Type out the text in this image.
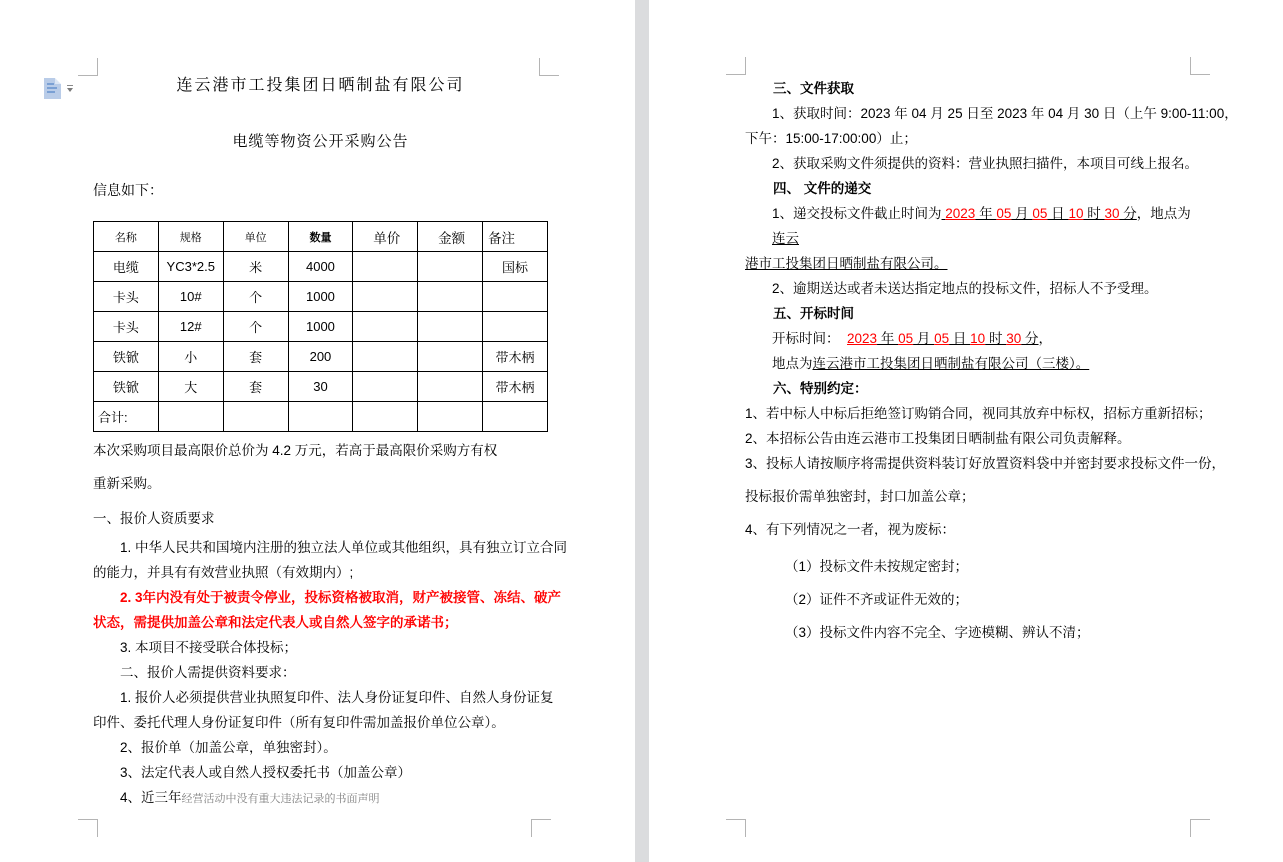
连云港市工投集团日晒制盐有限公司
电缆等物资公开采购公告
信息如下：
名称	规格	单位	数量	单价	金额	备注
电缆	YC3*2.5	米	4000			国标
卡头	10#	个	1000			
卡头	12#	个	1000			
铁锨	小	套	200			带木柄
铁锨	大	套	30			带木柄
合计:						
本次采购项目最高限价总价为 4.2 万元，若高于最高限价采购方有权
重新采购。
一、报价人资质要求
1. 中华人民共和国境内注册的独立法人单位或其他组织，具有独立订立合同
的能力，并具有有效营业执照（有效期内）;
2. 3年内没有处于被责令停业，投标资格被取消，财产被接管、冻结、破产
状态，需提供加盖公章和法定代表人或自然人签字的承诺书；
3. 本项目不接受联合体投标；
二、报价人需提供资料要求：
1. 报价人必须提供营业执照复印件、法人身份证复印件、自然人身份证复
印件、委托代理人身份证复印件（所有复印件需加盖报价单位公章）。
2、报价单（加盖公章，单独密封）。
3、法定代表人或自然人授权委托书（加盖公章）
4、近三年经营活动中没有重大违法记录的书面声明
三、文件获取
1、获取时间：2023 年 04 月 25 日至 2023 年 04 月 30 日（上午 9:00-11:00，
下午：15:00-17:00:00）止；
2、获取采购文件须提供的资料：营业执照扫描件，本项目可线上报名。
四、 文件的递交
1、递交投标文件截止时间为 2023 年 05 月 05 日 10 时 30 分，地点为连云
港市工投集团日晒制盐有限公司。
2、逾期送达或者未送达指定地点的投标文件，招标人不予受理。
五、开标时间
开标时间：  2023 年 05 月 05 日 10 时 30 分，
地点为连云港市工投集团日晒制盐有限公司（三楼）。
六、特别约定：
1、若中标人中标后拒绝签订购销合同，视同其放弃中标权，招标方重新招标；
2、本招标公告由连云港市工投集团日晒制盐有限公司负责解释。
3、投标人请按顺序将需提供资料装订好放置资料袋中并密封要求投标文件一份，
投标报价需单独密封，封口加盖公章；
4、有下列情况之一者，视为废标：
（1）投标文件未按规定密封；
（2）证件不齐或证件无效的；
（3）投标文件内容不完全、字迹模糊、辨认不清；
